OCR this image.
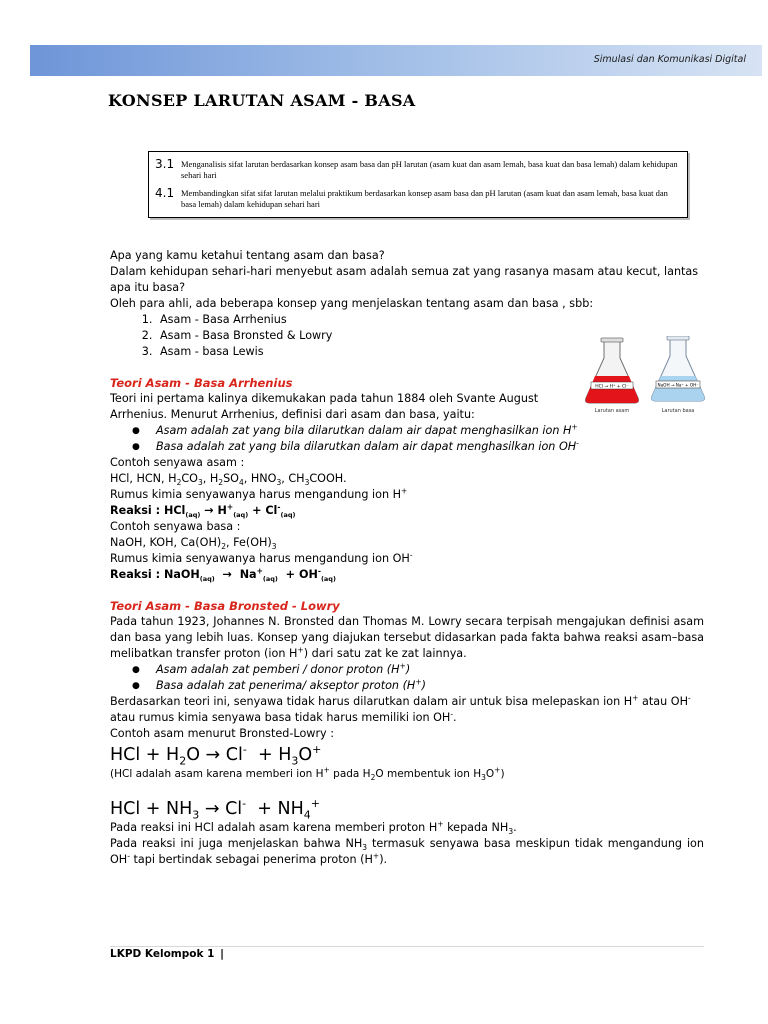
Simulasi dan Komunikasi Digital
KONSEP LARUTAN ASAM - BASA
3.1 Menganalisis sifat larutan berdasarkan konsep asam basa dan pH larutan (asam kuat dan asam lemah, basa kuat dan basa lemah) dalam kehidupan sehari hari
4.1 Membandingkan sifat sifat larutan melalui praktikum berdasarkan konsep asam basa dan pH larutan (asam kuat dan asam lemah, basa kuat dan basa lemah) dalam kehidupan sehari hari
HCl → H⁺ + Cl⁻
Larutan asam
NaOH → Na⁺ + OH⁻
Larutan basa

Apa yang kamu ketahui tentang asam dan basa?

Dalam kehidupan sehari-hari menyebut asam adalah semua zat yang rasanya masam atau kecut, lantas apa itu basa?

Oleh para ahli, ada beberapa konsep yang menjelaskan tentang asam dan basa , sbb:

1. Asam - Basa Arrhenius
2. Asam - Basa Bronsted & Lowry
3. Asam - basa Lewis

Teori Asam - Basa Arrhenius

Teori ini pertama kalinya dikemukakan pada tahun 1884 oleh Svante August Arrhenius. Menurut Arrhenius, definisi dari asam dan basa, yaitu:

● Asam adalah zat yang bila dilarutkan dalam air dapat menghasilkan ion H+
● Basa adalah zat yang bila dilarutkan dalam air dapat menghasilkan ion OH-

Contoh senyawa asam :

HCl, HCN, $H_2CO_3$, $H_2SO_4$, $HNO_3$, $CH_3COOH$.

Rumus kimia senyawanya harus mengandung ion H+

Reaksi : $HCl_{(aq)} \to H^+_{(aq)} + Cl^-_{(aq)}$

Contoh senyawa basa :

NaOH, KOH, $Ca(OH)_2$, $Fe(OH)_3$

Rumus kimia senyawanya harus mengandung ion OH-

Reaksi : NaOH$_{(aq)}$  →  $Na^+_{(aq)} + OH^-_{(aq)}$

Teori Asam - Basa Bronsted - Lowry

Pada tahun 1923, Johannes N. Bronsted dan Thomas M. Lowry secara terpisah mengajukan definisi asam dan basa yang lebih luas. Konsep yang diajukan tersebut didasarkan pada fakta bahwa reaksi asam–basa melibatkan transfer proton (ion H+) dari satu zat ke zat lainnya.

● Asam adalah zat pemberi / donor proton (H+)
● Basa adalah zat penerima/ akseptor proton (H+)

Berdasarkan teori ini, senyawa tidak harus dilarutkan dalam air untuk bisa melepaskan ion H+ atau OH- atau rumus kimia senyawa basa tidak harus memiliki ion OH-.

Contoh asam menurut Bronsted-Lowry :

HCl + $H_2O \to Cl^- + H_3O^+$

(HCl adalah asam karena memberi ion H+ pada $H_2O$ membentuk ion $H_3O^+$)

HCl + $NH_3 \to Cl^- + NH_4^+$

Pada reaksi ini HCl adalah asam karena memberi proton H+ kepada $NH_3$.

Pada reaksi ini juga menjelaskan bahwa $NH_3$ termasuk senyawa basa meskipun tidak mengandung ion OH- tapi bertindak sebagai penerima proton (H+).

LKPD Kelompok 1 |
